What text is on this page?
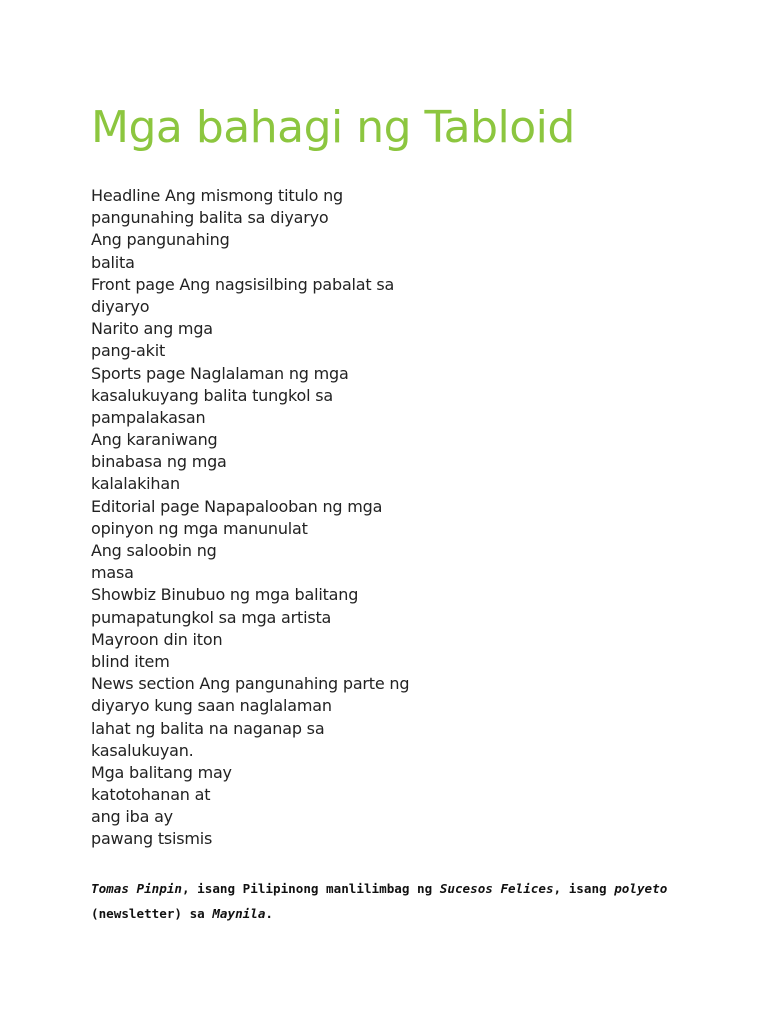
Mga bahagi ng Tabloid
Headline Ang mismong titulo ng
pangunahing balita sa diyaryo
Ang pangunahing
balita
Front page Ang nagsisilbing pabalat sa
diyaryo
Narito ang mga
pang-akit
Sports page Naglalaman ng mga
kasalukuyang balita tungkol sa
pampalakasan
Ang karaniwang
binabasa ng mga
kalalakihan
Editorial page Napapalooban ng mga
opinyon ng mga manunulat
Ang saloobin ng
masa
Showbiz Binubuo ng mga balitang
pumapatungkol sa mga artista
Mayroon din iton
blind item
News section Ang pangunahing parte ng
diyaryo kung saan naglalaman
lahat ng balita na naganap sa
kasalukuyan.
Mga balitang may
katotohanan at
ang iba ay
pawang tsismis

Tomas Pinpin, isang Pilipinong manlilimbag ng Sucesos Felices, isang polyeto (newsletter) sa Maynila.
